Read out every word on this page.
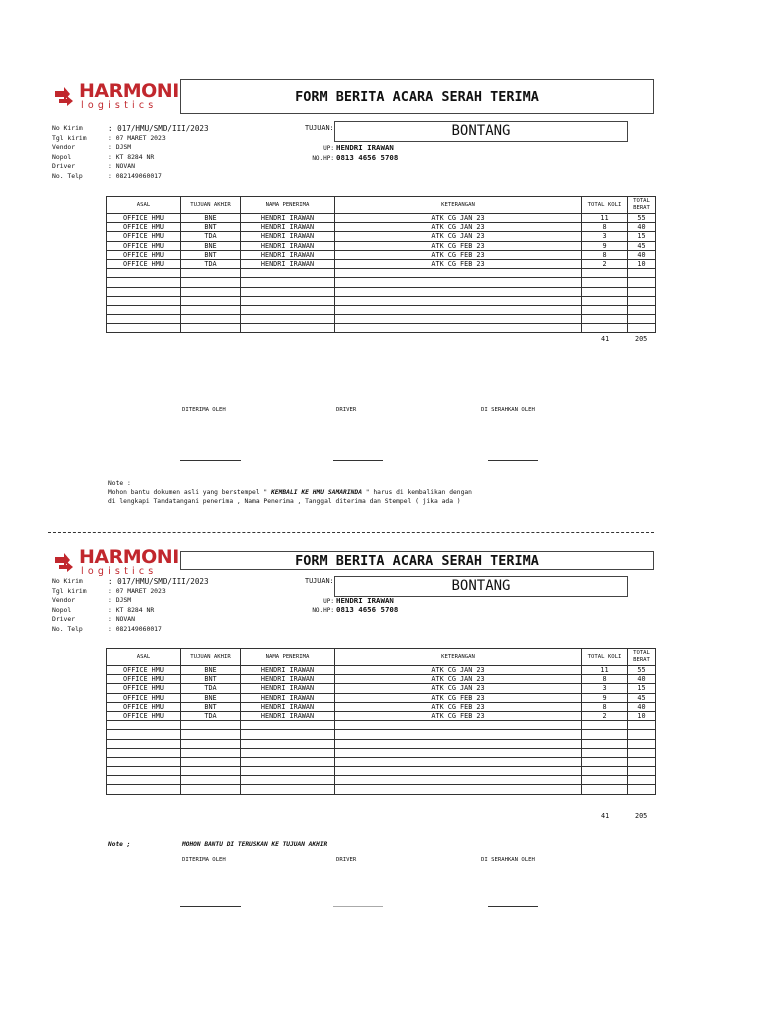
HARMONI
logistics
FORM BERITA ACARA SERAH TERIMA
No Kirim	: 017/HMU/SMD/III/2023
Tgl kirim	: 07 MARET 2023
Vendor	: DJSM
Nopol	: KT 8284 NR
Driver	: NOVAN
No. Telp	: 082149060017
TUJUAN:	BONTANG
UP: HENDRI IRAWAN
NO.HP: 0813 4656 5708
ASAL	TUJUAN AKHIR	NAMA PENERIMA	KETERANGAN	TOTAL KOLI	TOTAL BERAT
OFFICE HMU	BNE	HENDRI IRAWAN	ATK CG JAN 23	11	55
OFFICE HMU	BNT	HENDRI IRAWAN	ATK CG JAN 23	8	40
OFFICE HMU	TDA	HENDRI IRAWAN	ATK CG JAN 23	3	15
OFFICE HMU	BNE	HENDRI IRAWAN	ATK CG FEB 23	9	45
OFFICE HMU	BNT	HENDRI IRAWAN	ATK CG FEB 23	8	40
OFFICE HMU	TDA	HENDRI IRAWAN	ATK CG FEB 23	2	10

41	205
DITERIMA OLEH	DRIVER	DI SERAHKAN OLEH
Note :
Mohon bantu dokumen asli yang berstempel " KEMBALI KE HMU SAMARINDA " harus di kembalikan dengan
di lengkapi Tandatangani penerima , Nama Penerima , Tanggal diterima dan Stempel ( jika ada )
HARMONI
logistics
FORM BERITA ACARA SERAH TERIMA
No Kirim	: 017/HMU/SMD/III/2023
Tgl kirim	: 07 MARET 2023
Vendor	: DJSM
Nopol	: KT 8284 NR
Driver	: NOVAN
No. Telp	: 082149060017
TUJUAN:	BONTANG
UP: HENDRI IRAWAN
NO.HP: 0813 4656 5708
ASAL	TUJUAN AKHIR	NAMA PENERIMA	KETERANGAN	TOTAL KOLI	TOTAL BERAT
OFFICE HMU	BNE	HENDRI IRAWAN	ATK CG JAN 23	11	55
OFFICE HMU	BNT	HENDRI IRAWAN	ATK CG JAN 23	8	40
OFFICE HMU	TDA	HENDRI IRAWAN	ATK CG JAN 23	3	15
OFFICE HMU	BNE	HENDRI IRAWAN	ATK CG FEB 23	9	45
OFFICE HMU	BNT	HENDRI IRAWAN	ATK CG FEB 23	8	40
OFFICE HMU	TDA	HENDRI IRAWAN	ATK CG FEB 23	2	10

41	205
Note ;	MOHON BANTU DI TERUSKAN KE TUJUAN AKHIR
DITERIMA OLEH	DRIVER	DI SERAHKAN OLEH
